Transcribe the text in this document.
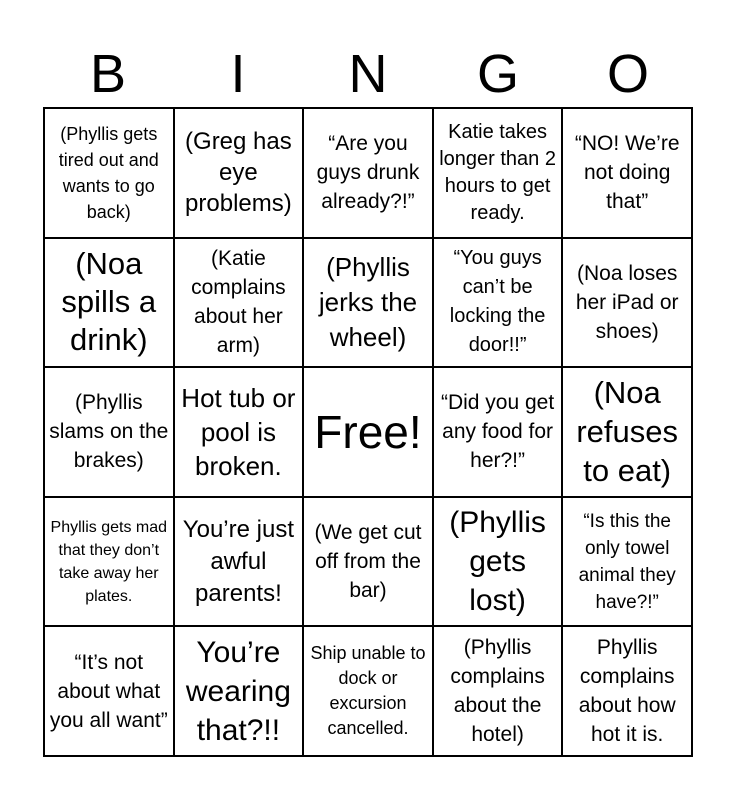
B	I	N	G	O
(Phyllis gets tired out and wants to go back)
(Greg has eye problems)
“Are you guys drunk already?!”
Katie takes longer than 2 hours to get ready.
“NO! We’re not doing that”
(Noa spills a drink)
(Katie complains about her arm)
(Phyllis jerks the wheel)
“You guys can’t be locking the door!!”
(Noa loses her iPad or shoes)
(Phyllis slams on the brakes)
Hot tub or pool is broken.
Free!
“Did you get any food for her?!”
(Noa refuses to eat)
Phyllis gets mad that they don’t take away her plates.
You’re just awful parents!
(We get cut off from the bar)
(Phyllis gets lost)
“Is this the only towel animal they have?!”
“It’s not about what you all want”
You’re wearing that?!!
Ship unable to dock or excursion cancelled.
(Phyllis complains about the hotel)
Phyllis complains about how hot it is.
